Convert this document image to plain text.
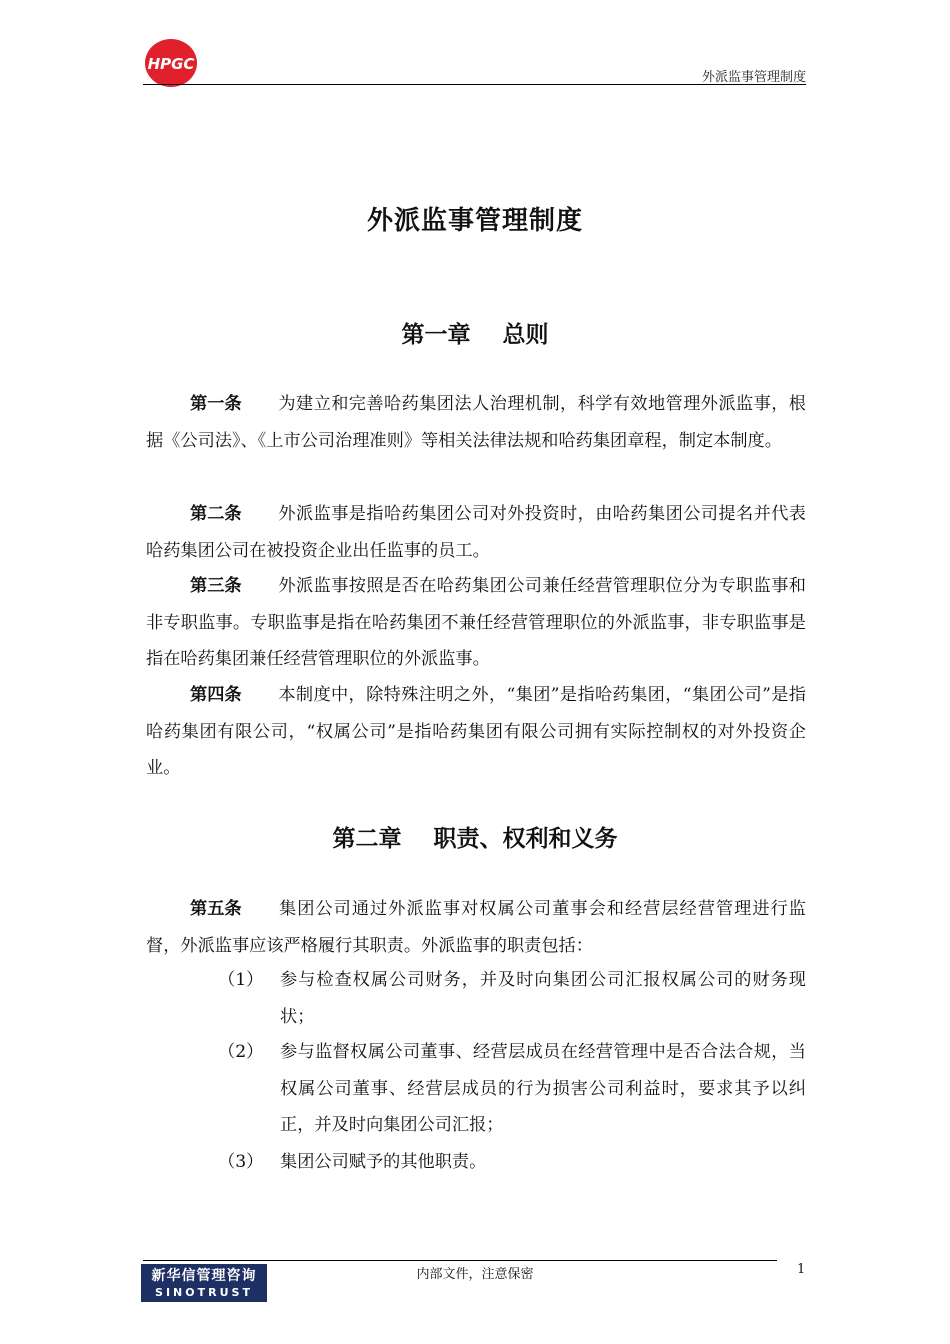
HPGC
外派监事管理制度
外派监事管理制度
第一章    总则
第一条 为建立和完善哈药集团法人治理机制，科学有效地管理外派监事，根据《公司法》、《上市公司治理准则》等相关法律法规和哈药集团章程，制定本制度。
第二条 外派监事是指哈药集团公司对外投资时，由哈药集团公司提名并代表哈药集团公司在被投资企业出任监事的员工。
第三条 外派监事按照是否在哈药集团公司兼任经营管理职位分为专职监事和非专职监事。专职监事是指在哈药集团不兼任经营管理职位的外派监事，非专职监事是指在哈药集团兼任经营管理职位的外派监事。
第四条 本制度中，除特殊注明之外，“集团”是指哈药集团，“集团公司”是指哈药集团有限公司，“权属公司”是指哈药集团有限公司拥有实际控制权的对外投资企业。
第二章    职责、权利和义务
第五条 集团公司通过外派监事对权属公司董事会和经营层经营管理进行监督，外派监事应该严格履行其职责。外派监事的职责包括：
（1） 参与检查权属公司财务，并及时向集团公司汇报权属公司的财务现状；
（2） 参与监督权属公司董事、经营层成员在经营管理中是否合法合规，当权属公司董事、经营层成员的行为损害公司利益时，要求其予以纠正，并及时向集团公司汇报；
（3） 集团公司赋予的其他职责。
新华信管理咨询
SINOTRUST
内部文件，注意保密	1
